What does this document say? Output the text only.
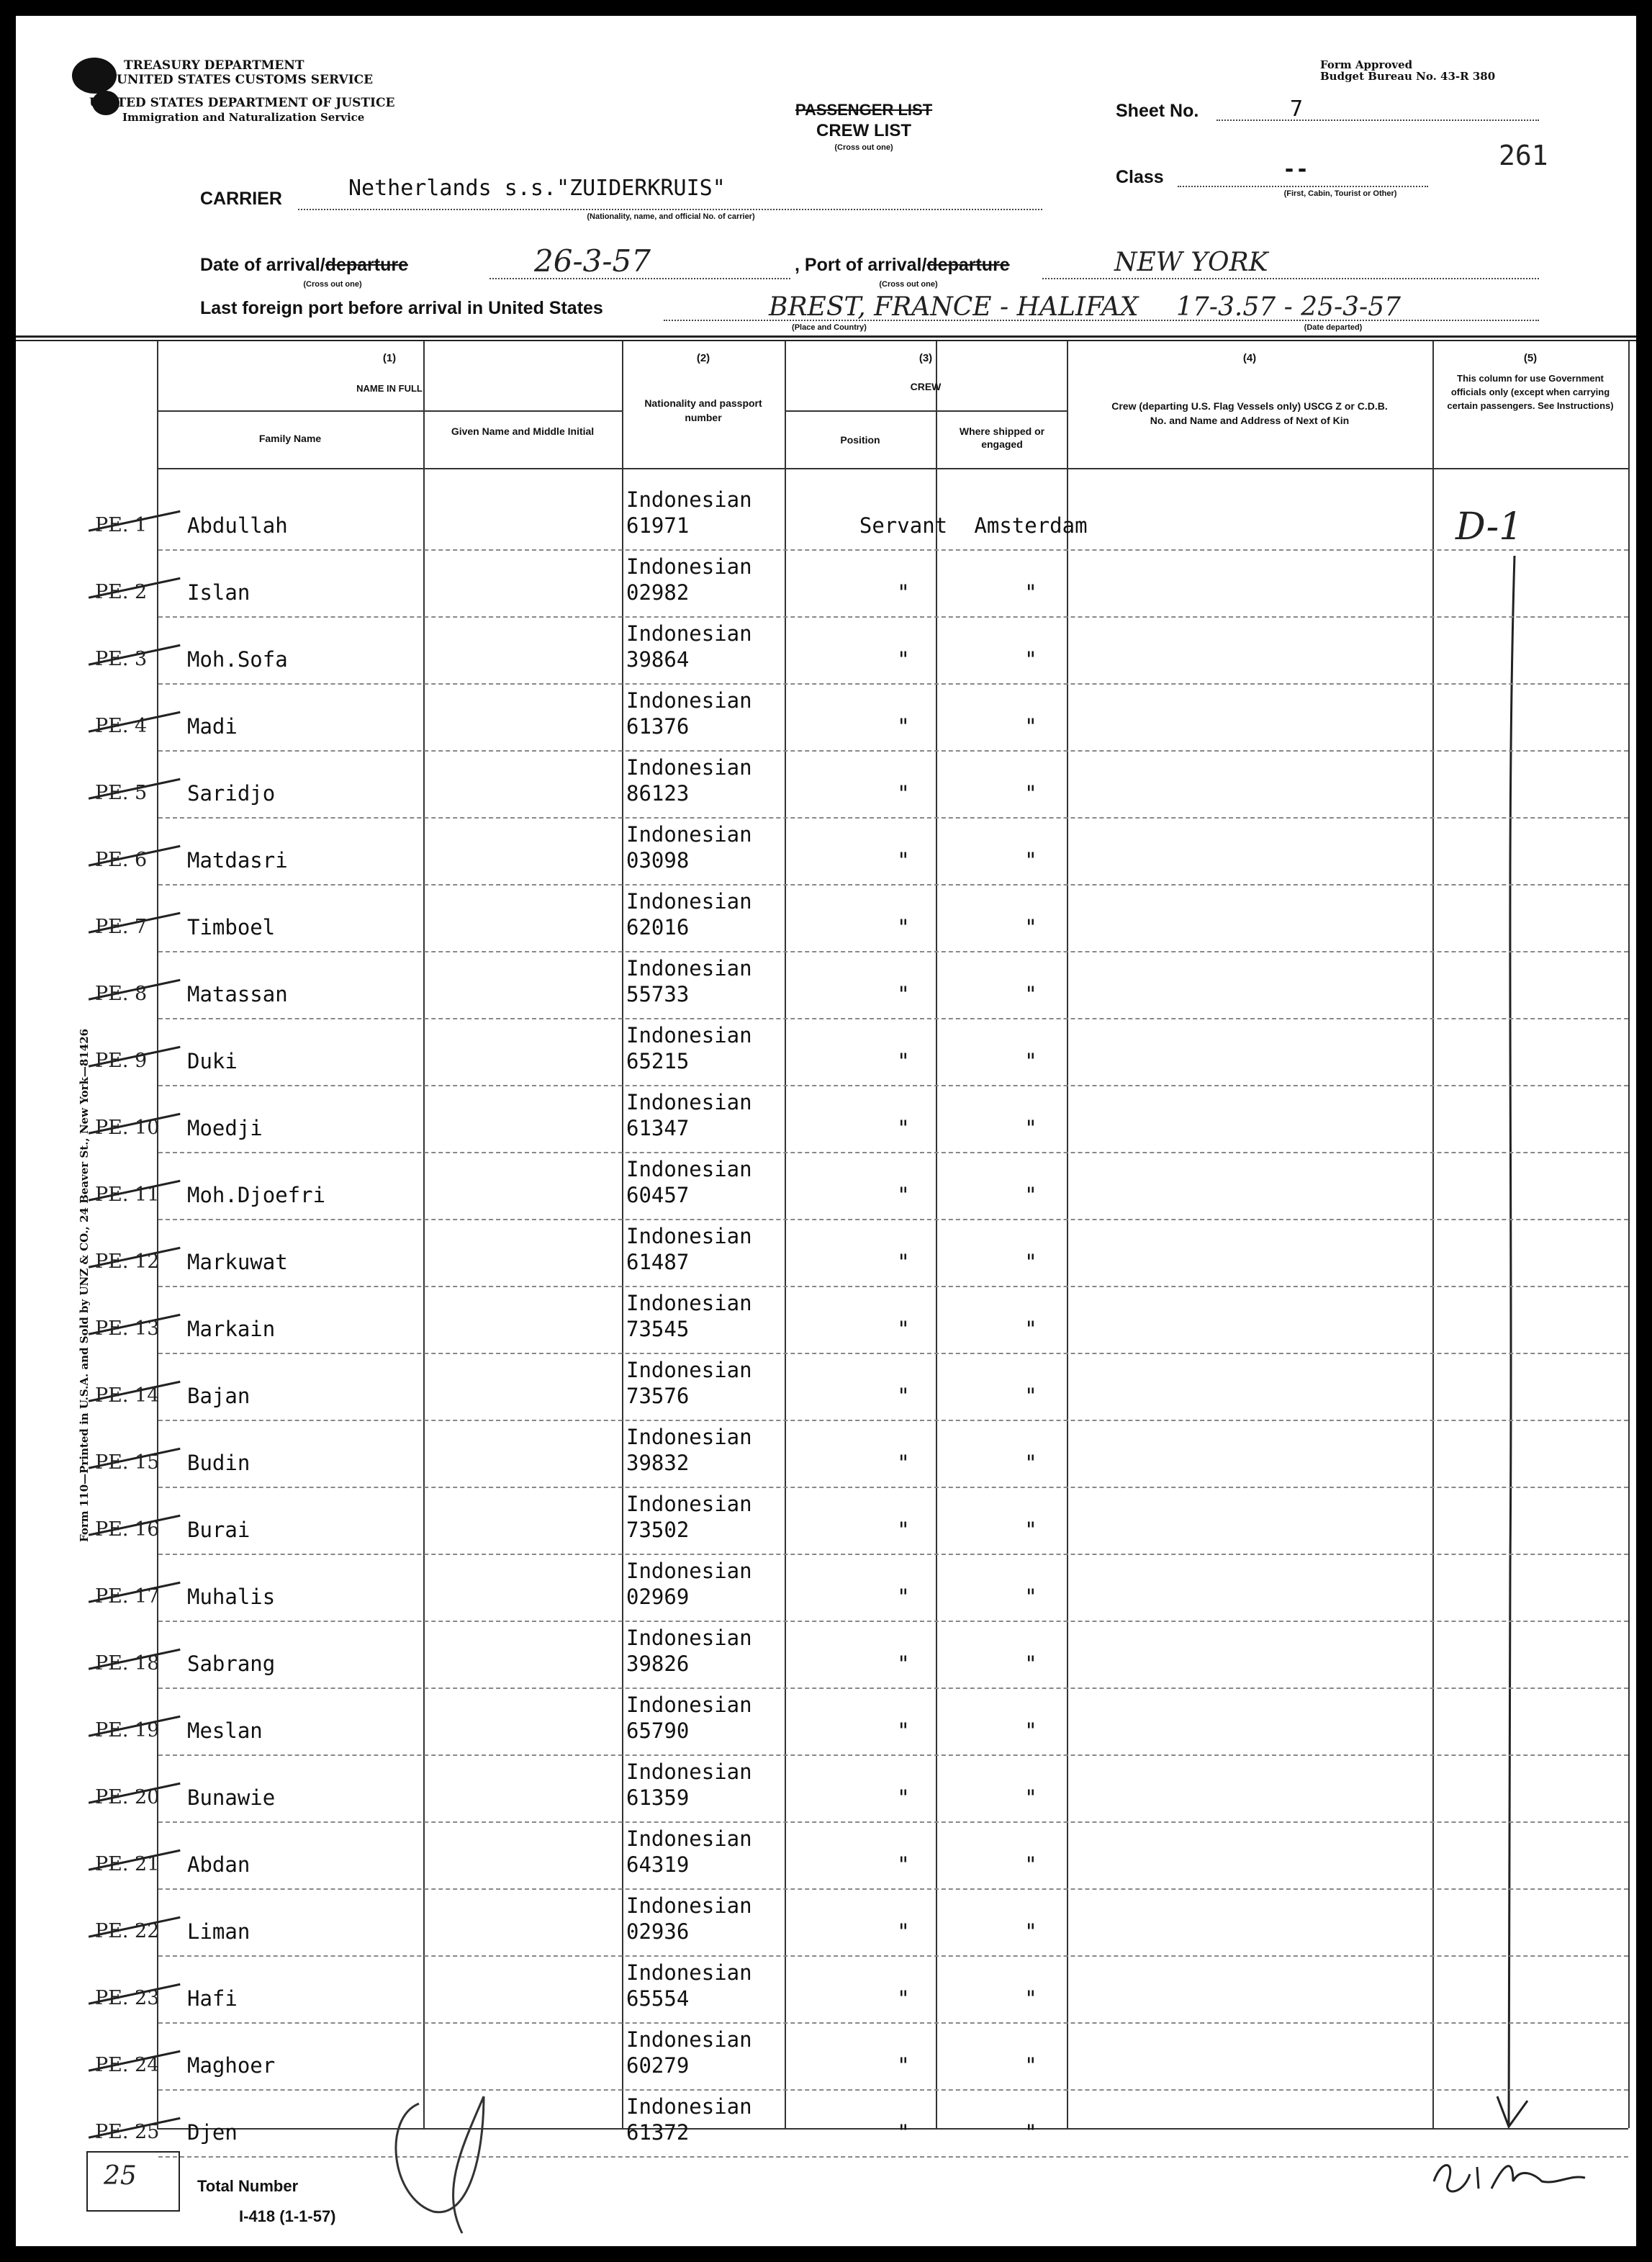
TREASURY DEPARTMENT
UNITED STATES CUSTOMS SERVICE
UNITED STATES DEPARTMENT OF JUSTICE
Immigration and Naturalization Service
Form Approved
Budget Bureau No. 43-R 380
PASSENGER LIST
CREW LIST
(Cross out one)
Sheet No.	7
261
Class	--
(First, Cabin, Tourist or Other)
CARRIER	Netherlands s.s."ZUIDERKRUIS"
(Nationality, name, and official No. of carrier)
Date of arrival/departure	26-3-57
(Cross out one)
, Port of arrival/departure	NEW YORK
(Cross out one)
Last foreign port before arrival in United States	BREST, FRANCE - HALIFAX 17-3.57 - 25-3-57
(Place and Country)	(Date departed)
(1)
NAME IN FULL
Family Name
Given Name and Middle Initial
(2)
Nationality and passport number
(3)
CREW
Position
Where shipped or engaged
(4)
Crew (departing U.S. Flag Vessels only) USCG Z or C.D.B. No. and Name and Address of Next of Kin
(5)
This column for use Government officials only (except when carrying certain passengers. See Instructions)
D-1
Form 110—Printed in U.S.A. and Sold by UNZ & CO., 24 Beaver St., New York—81426
PE. 1	Abdullah
Indonesian
61971	Servant	Amsterdam
PE. 2	Islan
Indonesian
02982	"	"
PE. 3	Moh.Sofa
Indonesian
39864	"	"
PE. 4	Madi
Indonesian
61376	"	"
PE. 5	Saridjo
Indonesian
86123	"	"
PE. 6	Matdasri
Indonesian
03098	"	"
PE. 7	Timboel
Indonesian
62016	"	"
PE. 8	Matassan
Indonesian
55733	"	"
PE. 9	Duki
Indonesian
65215	"	"
PE. 10 Moedji
Indonesian
61347	"	"
PE. 11 Moh.Djoefri
Indonesian
60457	"	"
PE. 12 Markuwat
Indonesian
61487	"	"
PE. 13 Markain
Indonesian
73545	"	"
PE. 14 Bajan
Indonesian
73576	"	"
PE. 15 Budin
Indonesian
39832	"	"
PE. 16 Burai
Indonesian
73502	"	"
PE. 17 Muhalis
Indonesian
02969	"	"
PE. 18 Sabrang
Indonesian
39826	"	"
PE. 19 Meslan
Indonesian
65790	"	"
PE. 20 Bunawie
Indonesian
61359	"	"
PE. 21 Abdan
Indonesian
64319	"	"
PE. 22 Liman
Indonesian
02936	"	"
PE. 23 Hafi
Indonesian
65554	"	"
PE. 24 Maghoer
Indonesian
60279	"	"
PE. 25 Djen
Indonesian
61372	"	"
25	Total Number
I-418 (1-1-57)
